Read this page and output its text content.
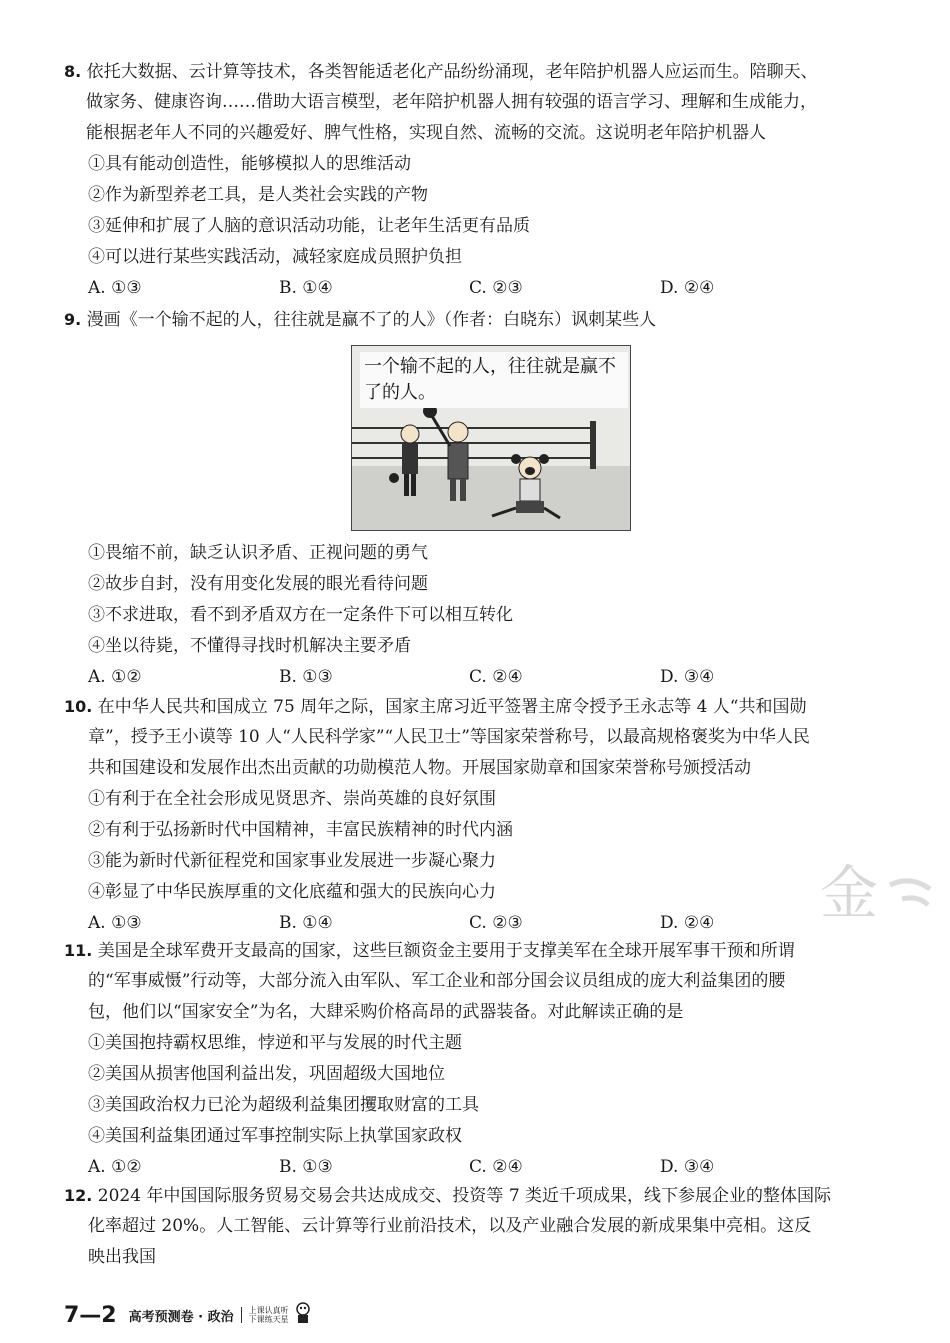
8. 依托大数据、云计算等技术，各类智能适老化产品纷纷涌现，老年陪护机器人应运而生。陪聊天、
做家务、健康咨询……借助大语言模型，老年陪护机器人拥有较强的语言学习、理解和生成能力，
能根据老年人不同的兴趣爱好、脾气性格，实现自然、流畅的交流。这说明老年陪护机器人
①具有能动创造性，能够模拟人的思维活动
②作为新型养老工具，是人类社会实践的产物
③延伸和扩展了人脑的意识活动功能，让老年生活更有品质
④可以进行某些实践活动，减轻家庭成员照护负担
A. ①③	B. ①④	C. ②③	D. ②④
9. 漫画《一个输不起的人，往往就是赢不了的人》（作者：白晓东）讽刺某些人
一个输不起的人，往往就是赢不了的人。
①畏缩不前，缺乏认识矛盾、正视问题的勇气
②故步自封，没有用变化发展的眼光看待问题
③不求进取，看不到矛盾双方在一定条件下可以相互转化
④坐以待毙，不懂得寻找时机解决主要矛盾
A. ①②	B. ①③	C. ②④	D. ③④
10. 在中华人民共和国成立 75 周年之际，国家主席习近平签署主席令授予王永志等 4 人“共和国勋
章”，授予王小谟等 10 人“人民科学家”“人民卫士”等国家荣誉称号，以最高规格褒奖为中华人民
共和国建设和发展作出杰出贡献的功勋模范人物。开展国家勋章和国家荣誉称号颁授活动
①有利于在全社会形成见贤思齐、崇尚英雄的良好氛围
②有利于弘扬新时代中国精神，丰富民族精神的时代内涵
③能为新时代新征程党和国家事业发展进一步凝心聚力
④彰显了中华民族厚重的文化底蕴和强大的民族向心力
A. ①③	B. ①④	C. ②③	D. ②④ 金
11. 美国是全球军费开支最高的国家，这些巨额资金主要用于支撑美军在全球开展军事干预和所谓
的“军事威慑”行动等，大部分流入由军队、军工企业和部分国会议员组成的庞大利益集团的腰
包，他们以“国家安全”为名，大肆采购价格高昂的武器装备。对此解读正确的是
①美国抱持霸权思维，悖逆和平与发展的时代主题
②美国从损害他国利益出发，巩固超级大国地位
③美国政治权力已沦为超级利益集团攫取财富的工具
④美国利益集团通过军事控制实际上执掌国家政权
A. ①②	B. ①③	C. ②④	D. ③④
12. 2024 年中国国际服务贸易交易会共达成成交、投资等 7 类近千项成果，线下参展企业的整体国际
化率超过 20%。人工智能、云计算等行业前沿技术，以及产业融合发展的新成果集中亮相。这反
映出我国
7—2 高考预测卷 · 政治 上课认真听
下课练天星
